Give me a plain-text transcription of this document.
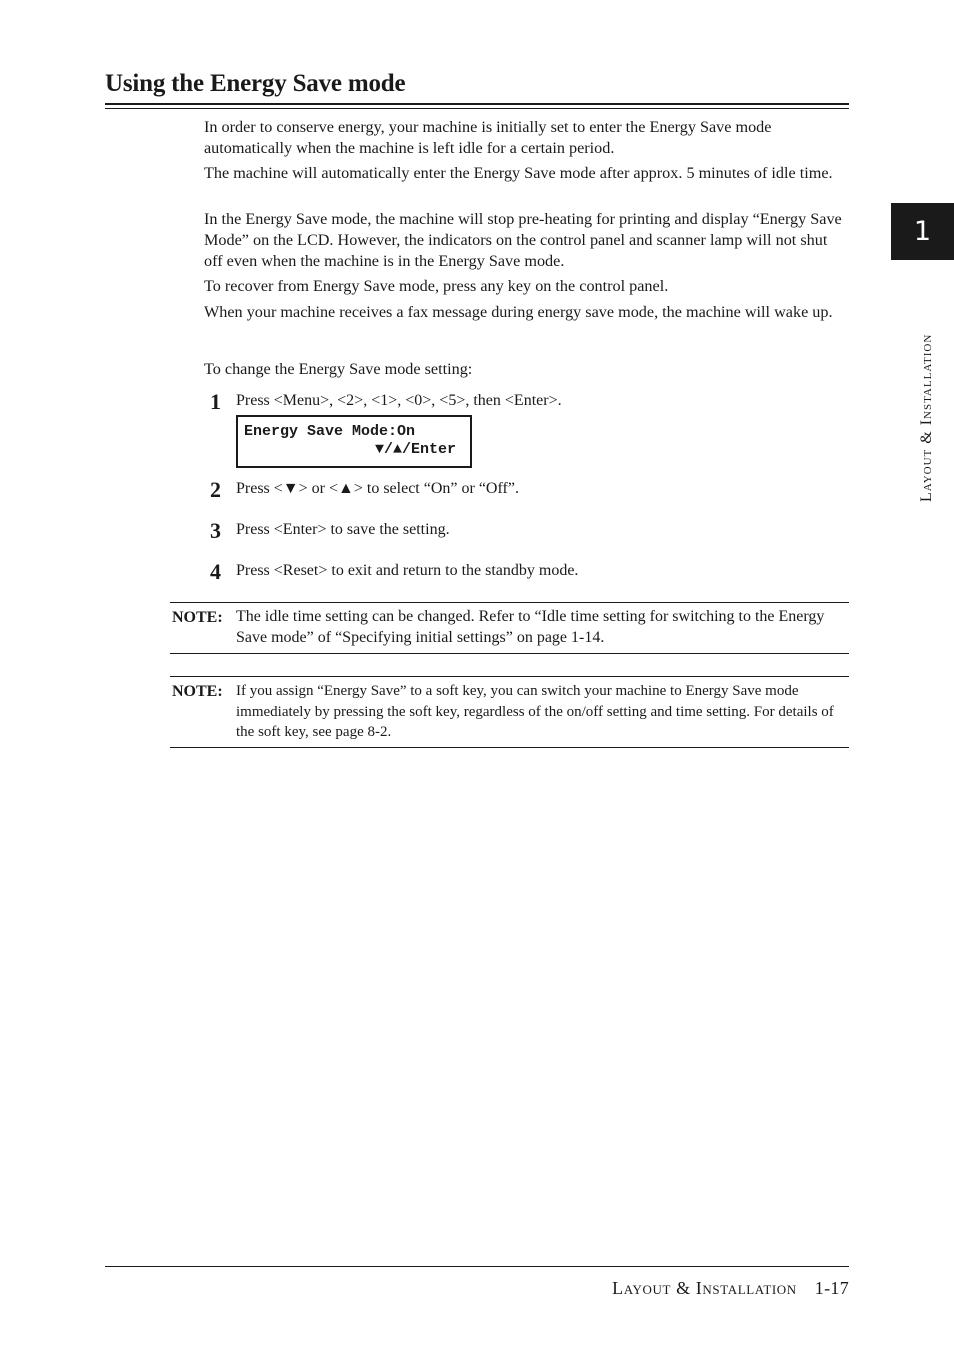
Using the Energy Save mode
In order to conserve energy, your machine is initially set to enter the Energy Save mode automatically when the machine is left idle for a certain period.
The machine will automatically enter the Energy Save mode after approx. 5 minutes of idle time.
In the Energy Save mode, the machine will stop pre-heating for printing and display “Energy Save Mode” on the LCD. However, the indicators on the control panel and scanner lamp will not shut off even when the machine is in the Energy Save mode.
To recover from Energy Save mode, press any key on the control panel.
When your machine receives a fax message during energy save mode, the machine will wake up.
To change the Energy Save mode setting:
1 Press <Menu>, <2>, <1>, <0>, <5>, then <Enter>.
Energy Save Mode:On
▼/▲/Enter
2 Press <▼> or <▲> to select “On” or “Off”.
3 Press <Enter> to save the setting.
4 Press <Reset> to exit and return to the standby mode.
NOTE: The idle time setting can be changed. Refer to “Idle time setting for switching to the Energy Save mode” of “Specifying initial settings” on page 1-14.
NOTE: If you assign “Energy Save” to a soft key, you can switch your machine to Energy Save mode immediately by pressing the soft key, regardless of the on/off setting and time setting. For details of the soft key, see page 8-2.
1
Layout & Installation
Layout & Installation 1-17
